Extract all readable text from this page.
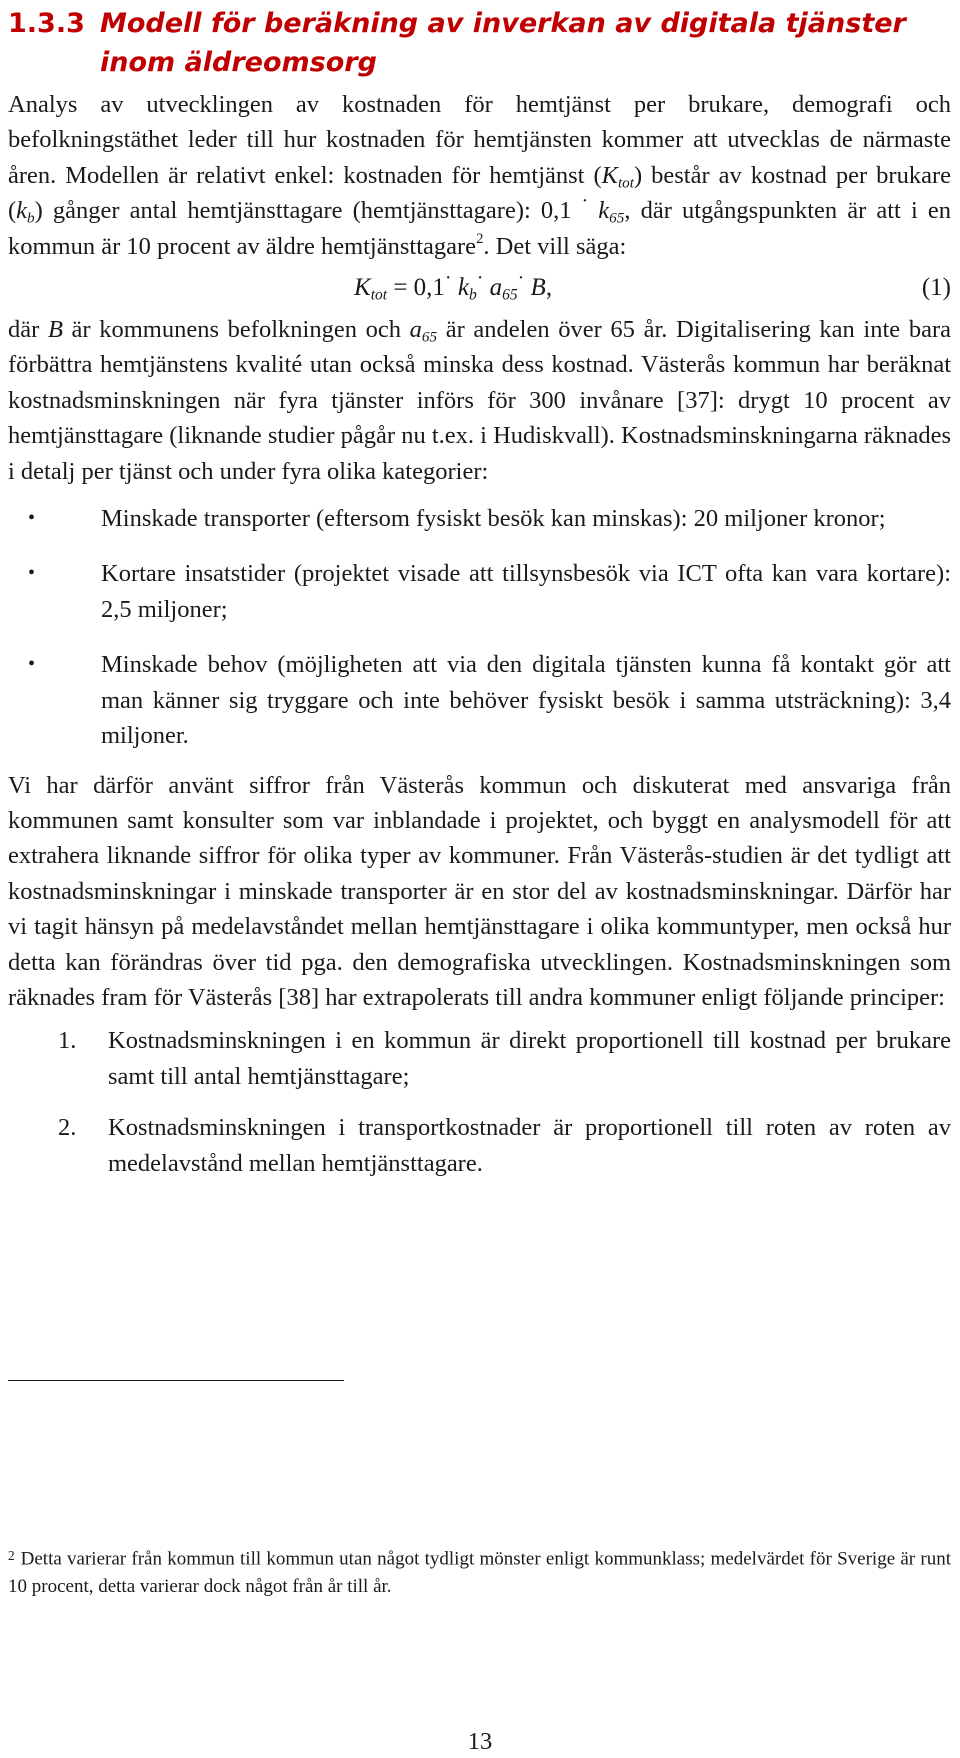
1.3.3 Modell för beräkning av inverkan av digitala tjänster inom äldreomsorg

Analys av utvecklingen av kostnaden för hemtjänst per brukare, demografi och befolkningstäthet leder till hur kostnaden för hemtjänsten kommer att utvecklas de närmaste åren. Modellen är relativt enkel: kostnaden för hemtjänst $(K_{tot})$ består av kostnad per brukare $(k_b)$ gånger antal hemtjänsttagare (hemtjänsttagare): 0,1 · $k_{65}$, där utgångspunkten är att i en kommun är 10 procent av äldre hemtjänsttagare$^2$. Det vill säga:

$K_{tot} = 0,1^\cdot$ $k_b^\cdot$ $a_{65}^\cdot$ B,	(1)

där B är kommunens befolkningen och $a_{65}$ är andelen över 65 år. Digitalisering kan inte bara förbättra hemtjänstens kvalité utan också minska dess kostnad. Västerås kommun har beräknat kostnadsminskningen när fyra tjänster införs för 300 invånare [37]: drygt 10 procent av hemtjänsttagare (liknande studier pågår nu t.ex. i Hudiskvall). Kostnadsminskningarna räknades i detalj per tjänst och under fyra olika kategorier:

•	Minskade transporter (eftersom fysiskt besök kan minskas): 20 miljoner kronor;
•	Kortare insatstider (projektet visade att tillsynsbesök via ICT ofta kan vara kortare): 2,5 miljoner;
•	Minskade behov (möjligheten att via den digitala tjänsten kunna få kontakt gör att man känner sig tryggare och inte behöver fysiskt besök i samma utsträckning): 3,4 miljoner.

Vi har därför använt siffror från Västerås kommun och diskuterat med ansvariga från kommunen samt konsulter som var inblandade i projektet, och byggt en analysmodell för att extrahera liknande siffror för olika typer av kommuner. Från Västerås-studien är det tydligt att kostnadsminskningar i minskade transporter är en stor del av kostnadsminskningar. Därför har vi tagit hänsyn på medelavståndet mellan hemtjänsttagare i olika kommuntyper, men också hur detta kan förändras över tid pga. den demografiska utvecklingen. Kostnadsminskningen som räknades fram för Västerås [38] har extrapolerats till andra kommuner enligt följande principer:

1. Kostnadsminskningen i en kommun är direkt proportionell till kostnad per brukare samt till antal hemtjänsttagare;
2. Kostnadsminskningen i transportkostnader är proportionell till roten av roten av medelavstånd mellan hemtjänsttagare.

$^2$ Detta varierar från kommun till kommun utan något tydligt mönster enligt kommunklass; medelvärdet för Sverige är runt 10 procent, detta varierar dock något från år till år.

13
